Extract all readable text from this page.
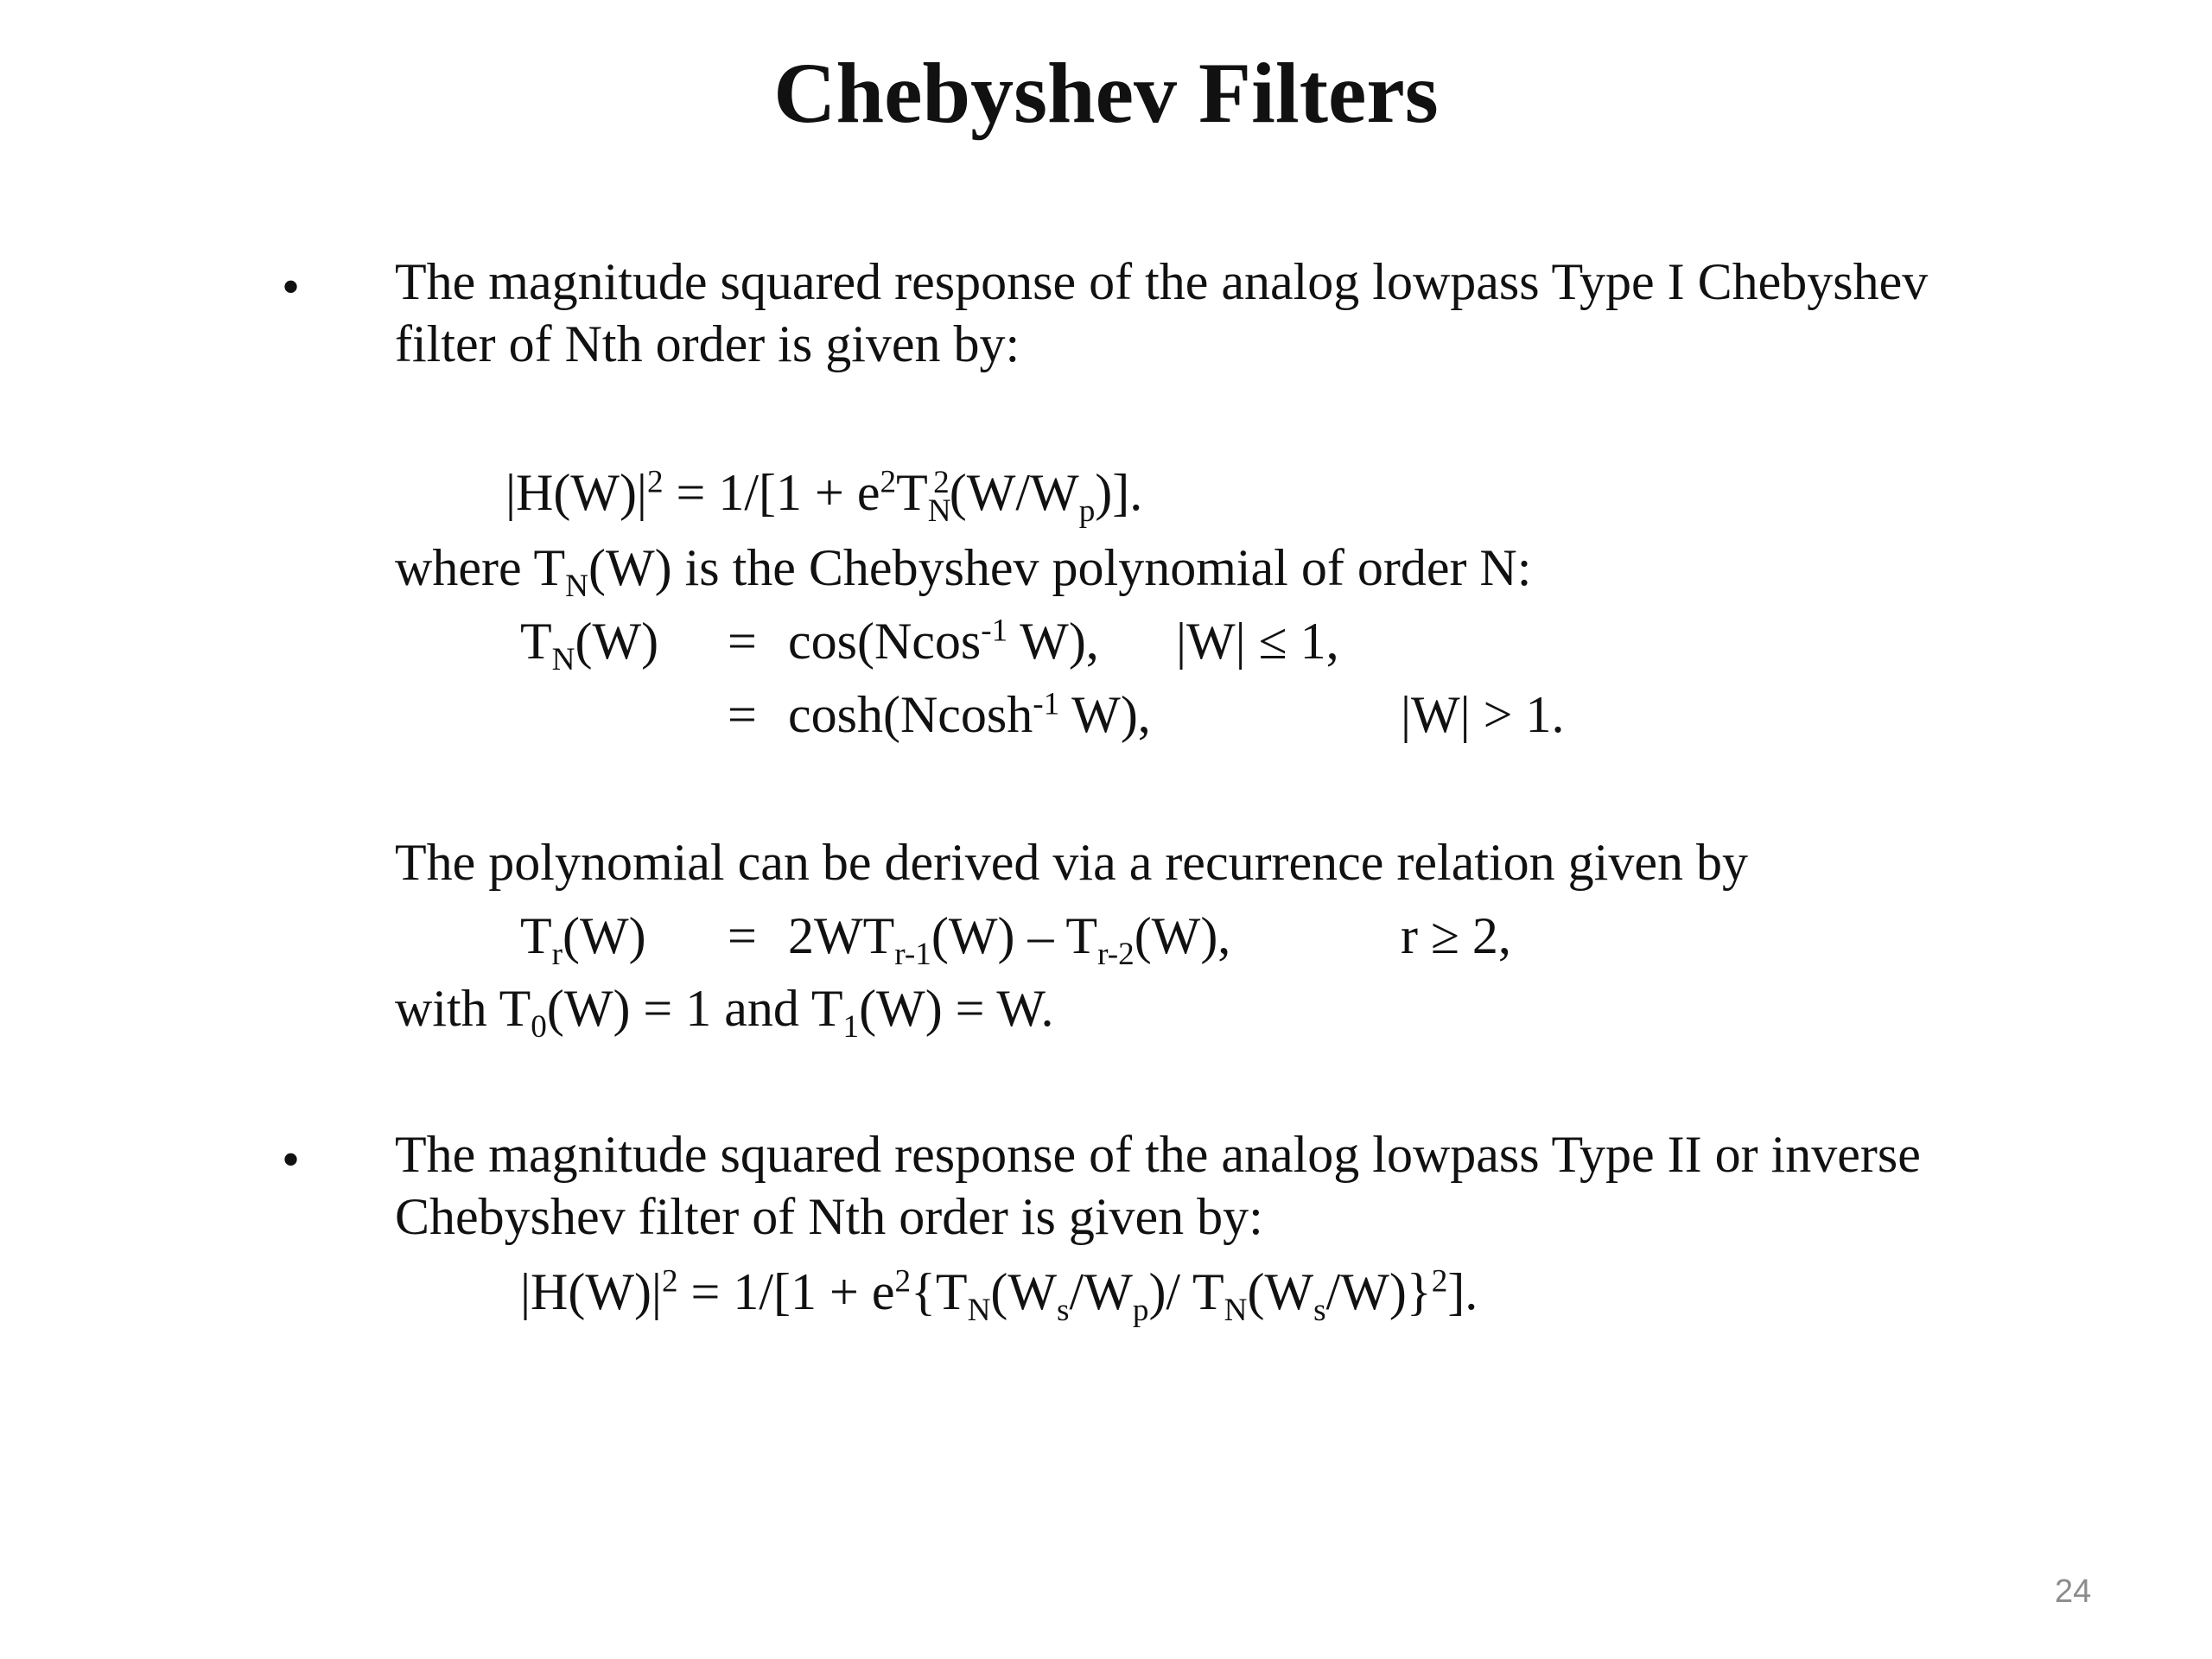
Chebyshev Filters
• The magnitude squared response of the analog lowpass Type I Chebyshev
filter of Nth order is given by:
$|H(W)|^2 = 1/[1 + e^2T_N^2(W/W_p)]$.
where $T_N(W)$ is the Chebyshev polynomial of order N:
$T_N(W) = \cos(Ncos^{-1}$ W), |W| ≤ 1,
= cosh(Ncosh$^{-1}$ W),	|W| > 1.
The polynomial can be derived via a recurrence relation given by
$T_r(W) = 2WT_{r-1}(W) - T_{r-2}(W)$,	r ≥ 2,
with $T_0(W) = 1$ and $T_1(W) = W$.
• The magnitude squared response of the analog lowpass Type II or inverse
Chebyshev filter of Nth order is given by:
$|H(W)|^2 = 1/[1 + e^2\{T_N(W_s/W_p)/$ $T_N(W_s/W)\}^2$].
24
